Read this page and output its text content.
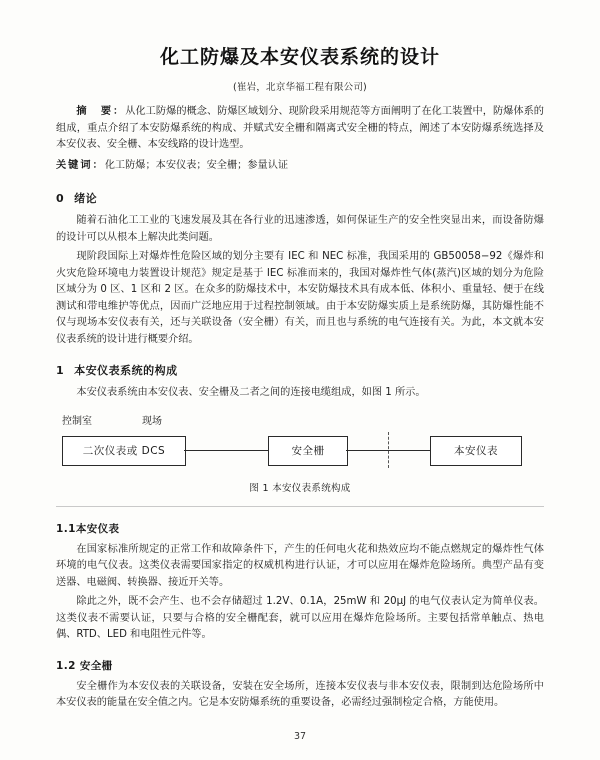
化工防爆及本安仪表系统的设计
(崔岩，北京华福工程有限公司)

摘　要：从化工防爆的概念、防爆区域划分、现阶段采用规范等方面阐明了在化工装置中，防爆体系的组成，重点介绍了本安防爆系统的构成、并赋式安全栅和隔离式安全栅的特点，阐述了本安防爆系统选择及本安仪表、安全栅、本安线路的设计选型。

关键词：化工防爆；本安仪表；安全栅；参量认证

0 绪论

随着石油化工工业的飞速发展及其在各行业的迅速渗透，如何保证生产的安全性突显出来，而设备防爆的设计可以从根本上解决此类问题。

现阶段国际上对爆炸性危险区域的划分主要有 IEC 和 NEC 标准，我国采用的 GB50058−92《爆炸和火灾危险环境电力装置设计规范》规定是基于 IEC 标准而来的，我国对爆炸性气体(蒸汽)区域的划分为危险区域分为 0 区、1 区和 2 区。在众多的防爆技术中，本安防爆技术具有成本低、体积小、重量轻、便于在线测试和带电维护等优点，因而广泛地应用于过程控制领域。由于本安防爆实质上是系统防爆，其防爆性能不仅与现场本安仪表有关，还与关联设备（安全栅）有关，而且也与系统的电气连接有关。为此，本文就本安仪表系统的设计进行概要介绍。

1 本安仪表系统的构成

本安仪表系统由本安仪表、安全栅及二者之间的连接电缆组成，如图 1 所示。

控制室	现场
二次仪表或 DCS	安全栅	本安仪表
图 1 本安仪表系统构成
1.1本安仪表

在国家标准所规定的正常工作和故障条件下，产生的任何电火花和热效应均不能点燃规定的爆炸性气体环境的电气仪表。这类仪表需要国家指定的权威机构进行认证，才可以应用在爆炸危险场所。典型产品有变送器、电磁阀、转换器、接近开关等。

除此之外，既不会产生、也不会存储超过 1.2V、0.1A，25mW 和 20μJ 的电气仪表认定为简单仪表。这类仪表不需要认证，只要与合格的安全栅配套，就可以应用在爆炸危险场所。主要包括常单触点、热电偶、RTD、LED 和电阻性元件等。

1.2 安全栅

安全栅作为本安仪表的关联设备，安装在安全场所，连接本安仪表与非本安仪表，限制到达危险场所中本安仪表的能量在安全值之内。它是本安防爆系统的重要设备，必需经过强制检定合格，方能使用。

37
